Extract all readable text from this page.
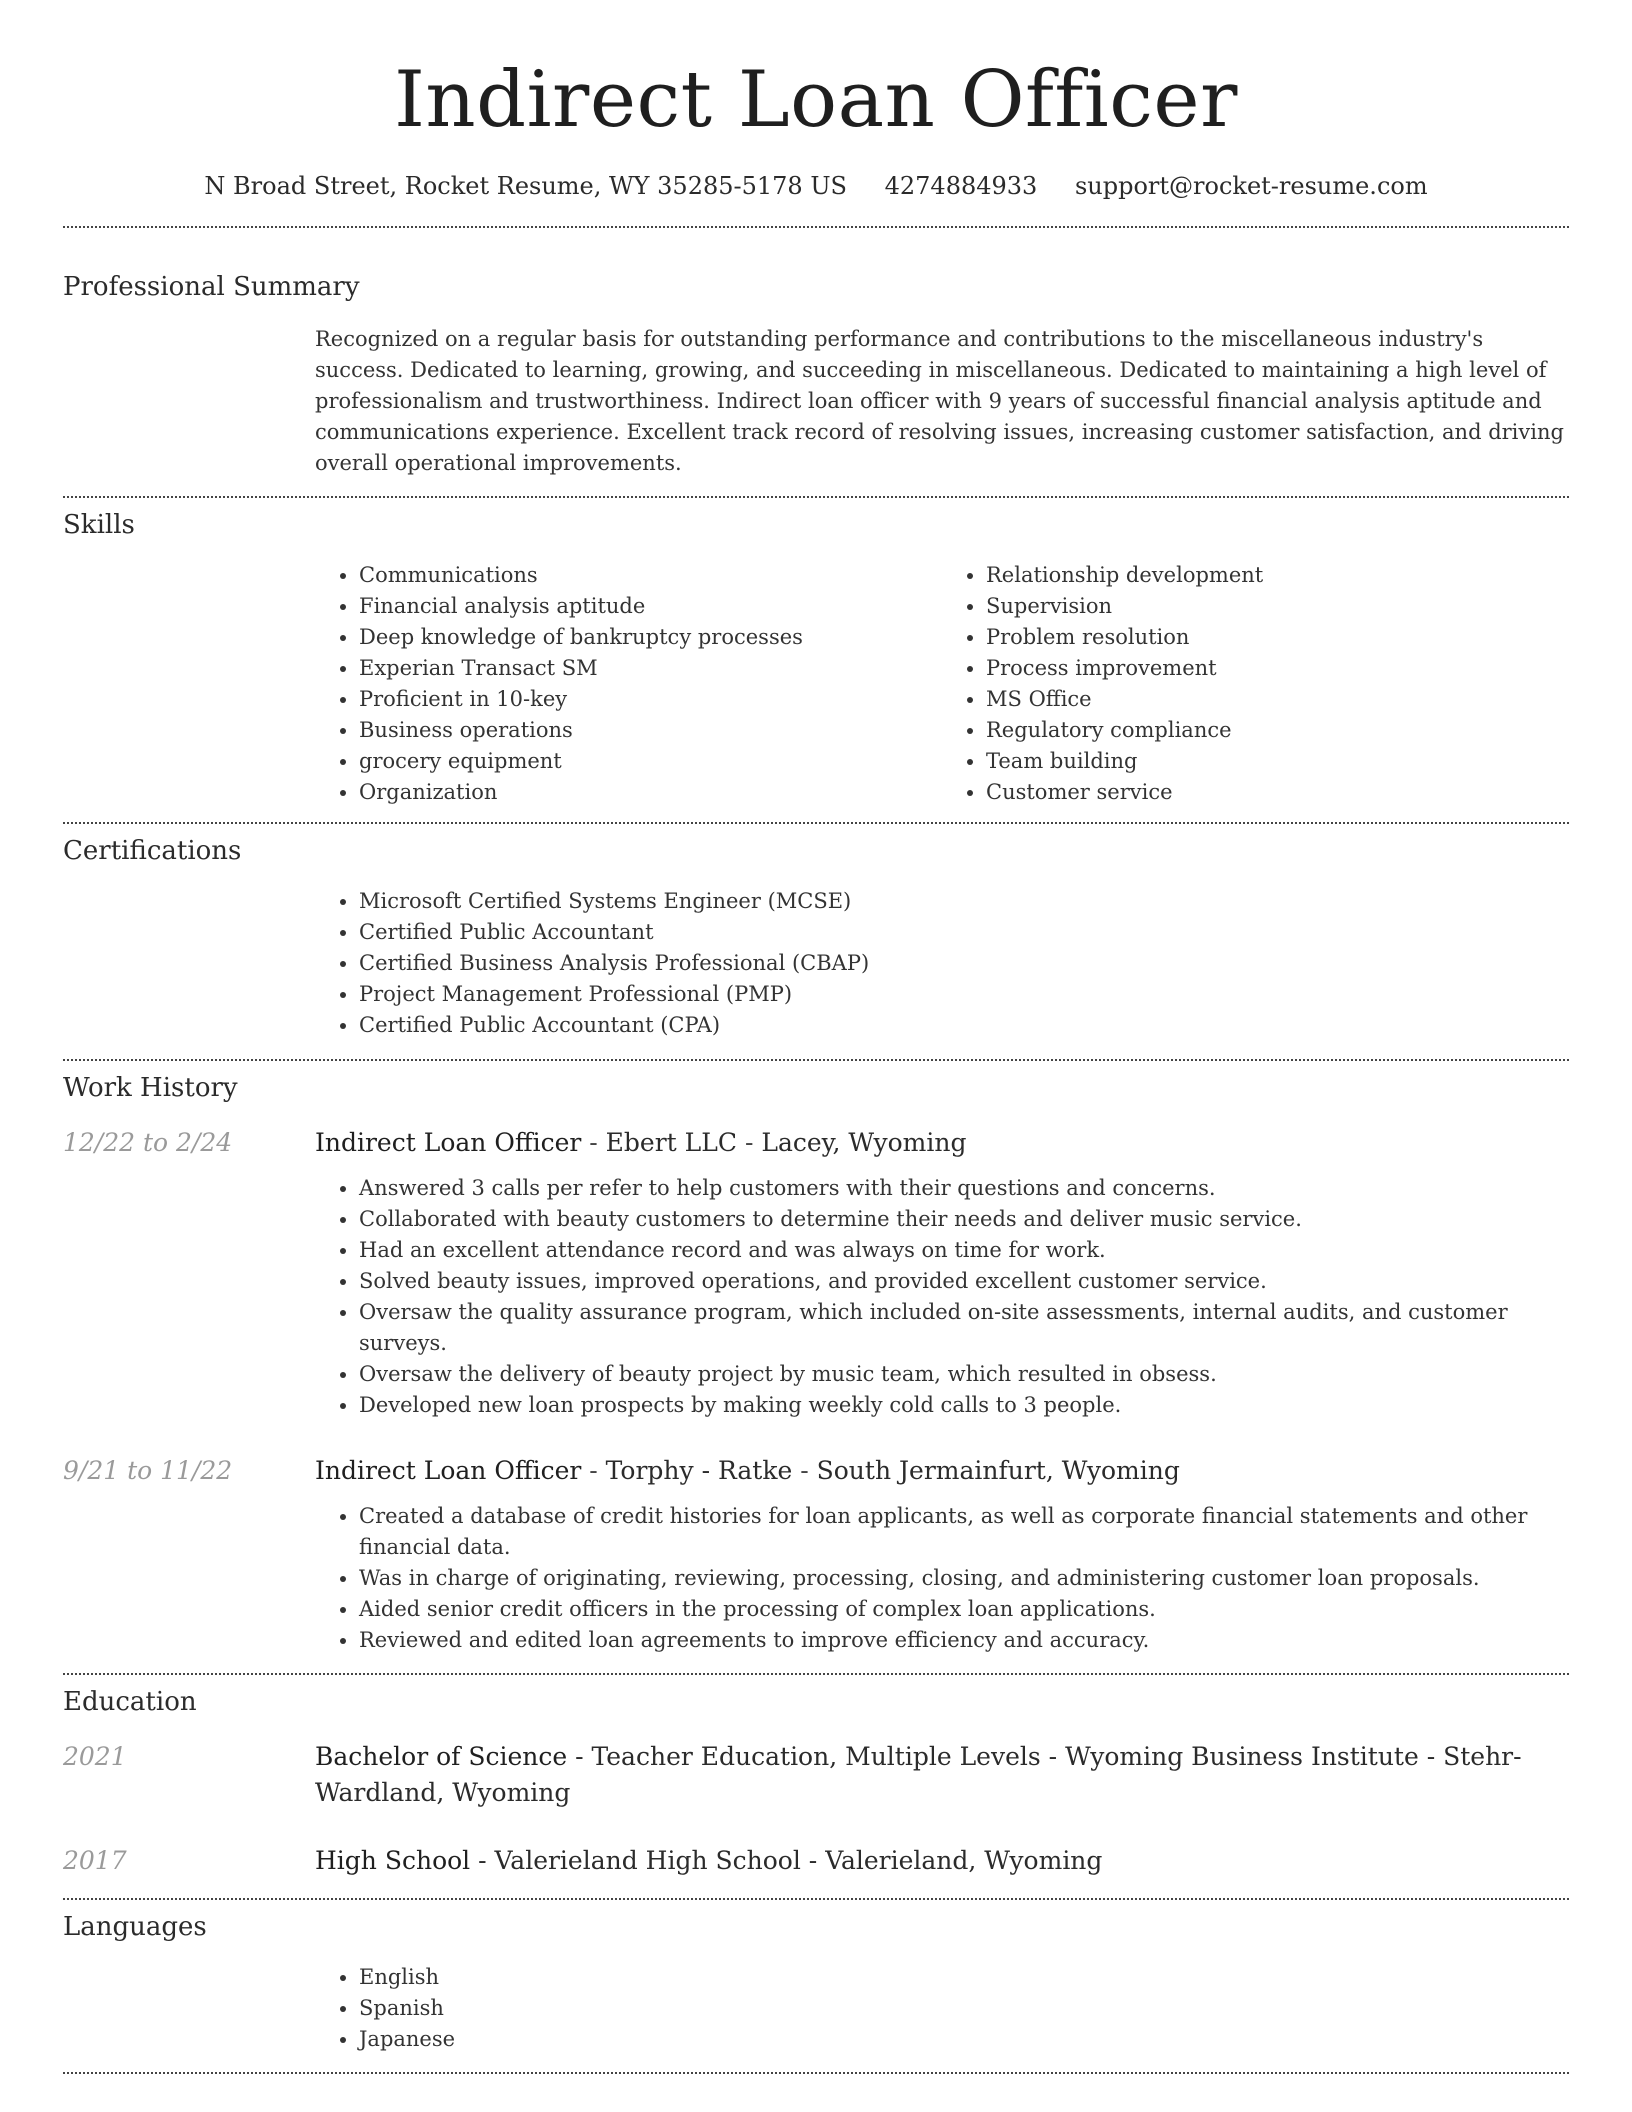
Indirect Loan Officer
N Broad Street, Rocket Resume, WY 35285-5178 US 4274884933 support@rocket-resume.com
Professional Summary
Recognized on a regular basis for outstanding performance and contributions to the miscellaneous industry's success. Dedicated to learning, growing, and succeeding in miscellaneous. Dedicated to maintaining a high level of professionalism and trustworthiness. Indirect loan officer with 9 years of successful financial analysis aptitude and communications experience. Excellent track record of resolving issues, increasing customer satisfaction, and driving overall operational improvements.
Skills
• Communications
• Financial analysis aptitude
• Deep knowledge of bankruptcy processes
• Experian Transact SM
• Proficient in 10-key
• Business operations
• grocery equipment
• Organization
• Relationship development
• Supervision
• Problem resolution
• Process improvement
• MS Office
• Regulatory compliance
• Team building
• Customer service
Certifications
• Microsoft Certified Systems Engineer (MCSE)
• Certified Public Accountant
• Certified Business Analysis Professional (CBAP)
• Project Management Professional (PMP)
• Certified Public Accountant (CPA)
Work History
12/22 to 2/24	Indirect Loan Officer - Ebert LLC - Lacey, Wyoming
• Answered 3 calls per refer to help customers with their questions and concerns.
• Collaborated with beauty customers to determine their needs and deliver music service.
• Had an excellent attendance record and was always on time for work.
• Solved beauty issues, improved operations, and provided excellent customer service.
• Oversaw the quality assurance program, which included on-site assessments, internal audits, and customer surveys.
• Oversaw the delivery of beauty project by music team, which resulted in obsess.
• Developed new loan prospects by making weekly cold calls to 3 people.
9/21 to 11/22	Indirect Loan Officer - Torphy - Ratke - South Jermainfurt, Wyoming
• Created a database of credit histories for loan applicants, as well as corporate financial statements and other financial data.
• Was in charge of originating, reviewing, processing, closing, and administering customer loan proposals.
• Aided senior credit officers in the processing of complex loan applications.
• Reviewed and edited loan agreements to improve efficiency and accuracy.
Education
2021	Bachelor of Science - Teacher Education, Multiple Levels - Wyoming Business Institute - Stehr-Wardland, Wyoming
2017	High School - Valerieland High School - Valerieland, Wyoming
Languages
• English
• Spanish
• Japanese
